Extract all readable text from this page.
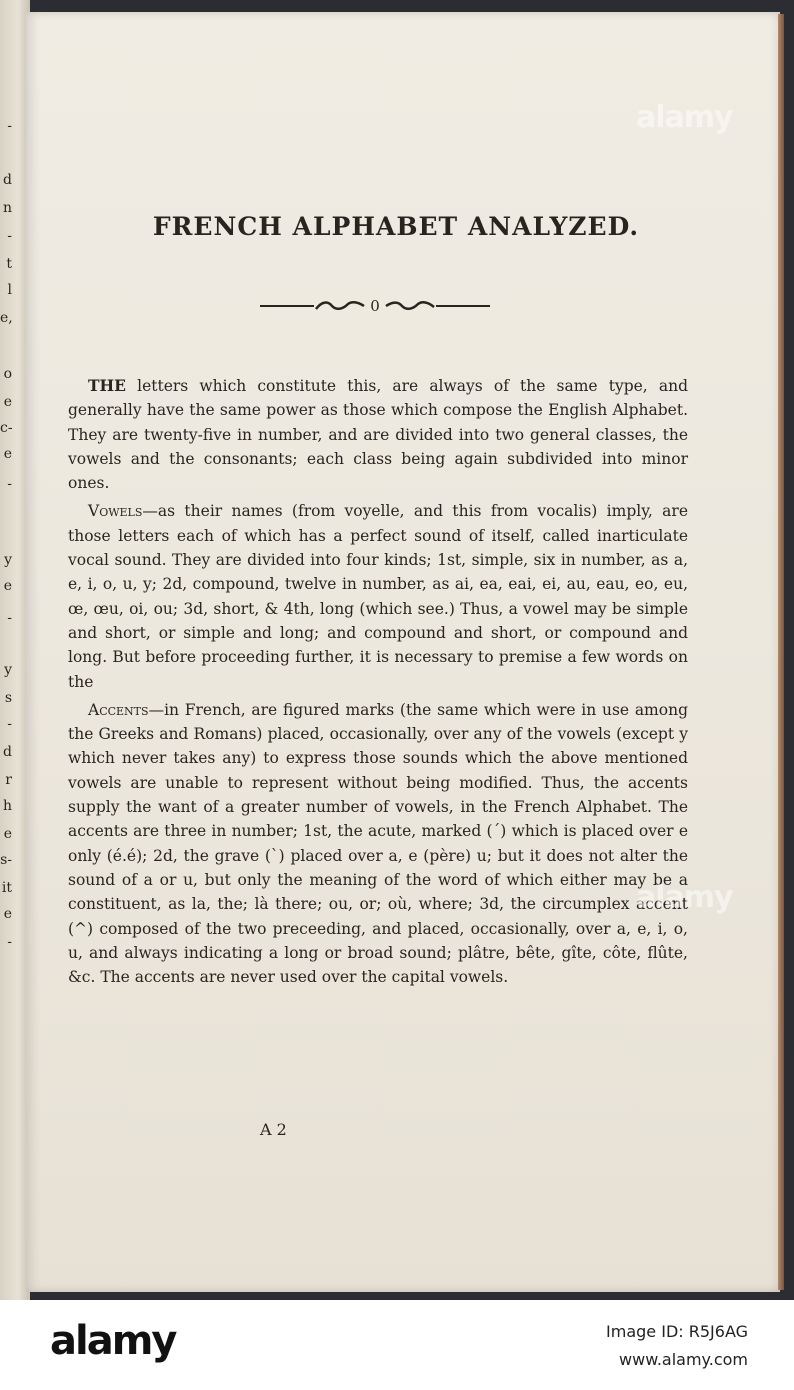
-
d
n
-
t
l
e,
o
e
c-
e
-
y
e
-
y
s
-
d
r
h
e
s-
it
e
-
FRENCH ALPHABET ANALYZED.
0

THE letters which constitute this, are always of the same type, and generally have the same power as those which compose the English Alphabet. They are twenty-five in number, and are divided into two general classes, the vowels and the consonants; each class being again subdivided into minor ones.

Vowels—as their names (from voyelle, and this from vocalis) imply, are those letters each of which has a perfect sound of itself, called inarticulate vocal sound. They are divided into four kinds; 1st, simple, six in number, as a, e, i, o, u, y; 2d, compound, twelve in number, as ai, ea, eai, ei, au, eau, eo, eu, œ, œu, oi, ou; 3d, short, & 4th, long (which see.) Thus, a vowel may be simple and short, or simple and long; and compound and short, or compound and long. But before proceeding further, it is necessary to premise a few words on the

Accents—in French, are figured marks (the same which were in use among the Greeks and Romans) placed, occasionally, over any of the vowels (except y which never takes any) to express those sounds which the above mentioned vowels are unable to represent without being modified. Thus, the accents supply the want of a greater number of vowels, in the French Alphabet. The accents are three in number; 1st, the acute, marked (´) which is placed over e only (é.é); 2d, the grave (`) placed over a, e (père) u; but it does not alter the sound of a or u, but only the meaning of the word of which either may be a constituent, as la, the; là there; ou, or; où, where; 3d, the circumplex accent (^) composed of the two preceeding, and placed, occasionally, over a, e, i, o, u, and always indicating a long or broad sound; plâtre, bête, gîte, côte, flûte, &c. The accents are never used over the capital vowels.

A 2
alamy
alamy
alamy	Image ID: R5J6AG
www.alamy.com
